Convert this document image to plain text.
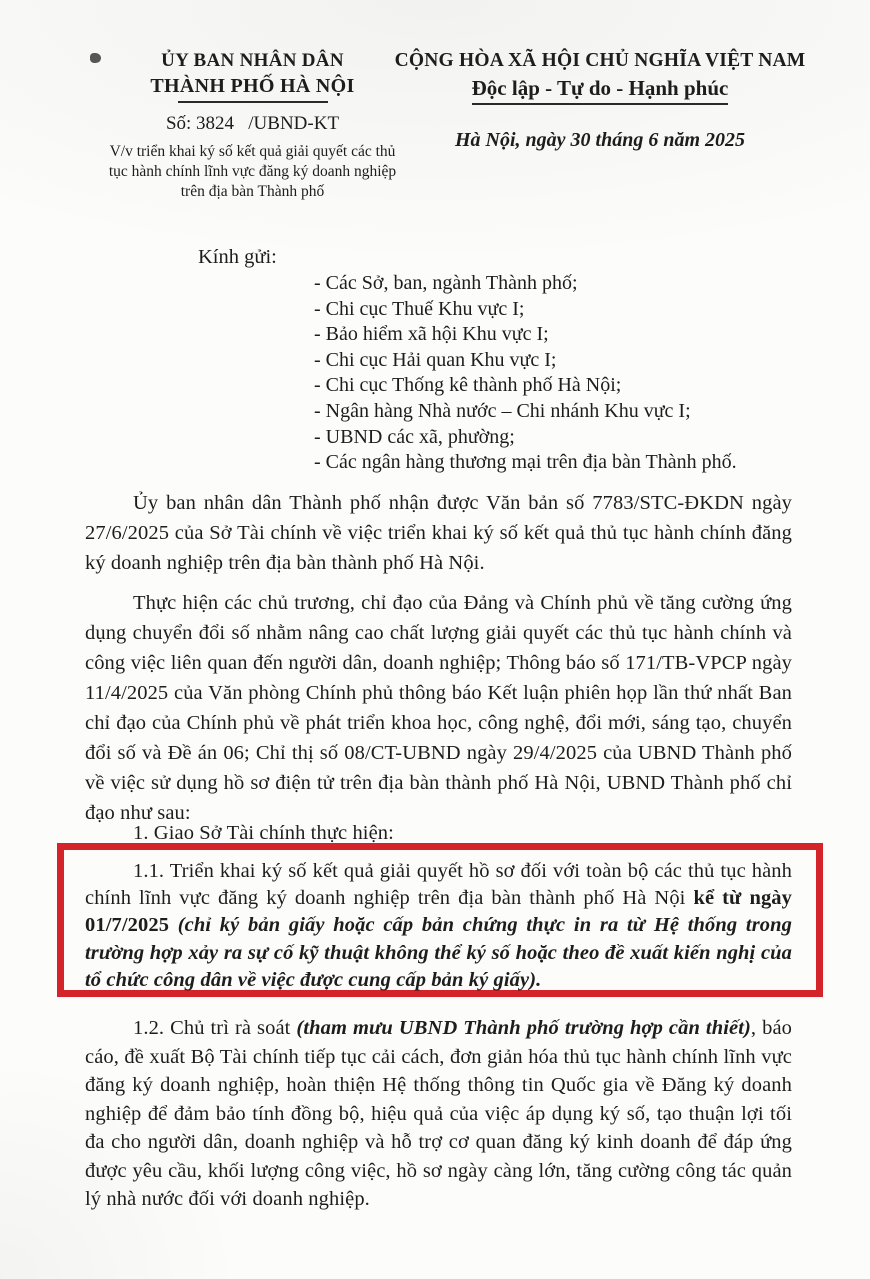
ỦY BAN NHÂN DÂN
THÀNH PHỐ HÀ NỘI
Số: 3824   /UBND-KT
V/v triển khai ký số kết quả giải quyết các thủ tục hành chính lĩnh vực đăng ký doanh nghiệp trên địa bàn Thành phố
CỘNG HÒA XÃ HỘI CHỦ NGHĨA VIỆT NAM
Độc lập - Tự do - Hạnh phúc
Hà Nội, ngày 30 tháng 6 năm 2025
Kính gửi:
- Các Sở, ban, ngành Thành phố;
- Chi cục Thuế Khu vực I;
- Bảo hiểm xã hội Khu vực I;
- Chi cục Hải quan Khu vực I;
- Chi cục Thống kê thành phố Hà Nội;
- Ngân hàng Nhà nước – Chi nhánh Khu vực I;
- UBND các xã, phường;
- Các ngân hàng thương mại trên địa bàn Thành phố.
Ủy ban nhân dân Thành phố nhận được Văn bản số 7783/STC-ĐKDN ngày 27/6/2025 của Sở Tài chính về việc triển khai ký số kết quả thủ tục hành chính đăng ký doanh nghiệp trên địa bàn thành phố Hà Nội.
Thực hiện các chủ trương, chỉ đạo của Đảng và Chính phủ về tăng cường ứng dụng chuyển đổi số nhằm nâng cao chất lượng giải quyết các thủ tục hành chính và công việc liên quan đến người dân, doanh nghiệp; Thông báo số 171/TB-VPCP ngày 11/4/2025 của Văn phòng Chính phủ thông báo Kết luận phiên họp lần thứ nhất Ban chỉ đạo của Chính phủ về phát triển khoa học, công nghệ, đổi mới, sáng tạo, chuyển đổi số và Đề án 06; Chỉ thị số 08/CT-UBND ngày 29/4/2025 của UBND Thành phố về việc sử dụng hồ sơ điện tử trên địa bàn thành phố Hà Nội, UBND Thành phố chỉ đạo như sau:
1. Giao Sở Tài chính thực hiện:
1.1. Triển khai ký số kết quả giải quyết hồ sơ đối với toàn bộ các thủ tục hành chính lĩnh vực đăng ký doanh nghiệp trên địa bàn thành phố Hà Nội kể từ ngày 01/7/2025 (chỉ ký bản giấy hoặc cấp bản chứng thực in ra từ Hệ thống trong trường hợp xảy ra sự cố kỹ thuật không thể ký số hoặc theo đề xuất kiến nghị của tổ chức công dân về việc được cung cấp bản ký giấy).
1.2. Chủ trì rà soát (tham mưu UBND Thành phố trường hợp cần thiết), báo cáo, đề xuất Bộ Tài chính tiếp tục cải cách, đơn giản hóa thủ tục hành chính lĩnh vực đăng ký doanh nghiệp, hoàn thiện Hệ thống thông tin Quốc gia về Đăng ký doanh nghiệp để đảm bảo tính đồng bộ, hiệu quả của việc áp dụng ký số, tạo thuận lợi tối đa cho người dân, doanh nghiệp và hỗ trợ cơ quan đăng ký kinh doanh để đáp ứng được yêu cầu, khối lượng công việc, hồ sơ ngày càng lớn, tăng cường công tác quản lý nhà nước đối với doanh nghiệp.
